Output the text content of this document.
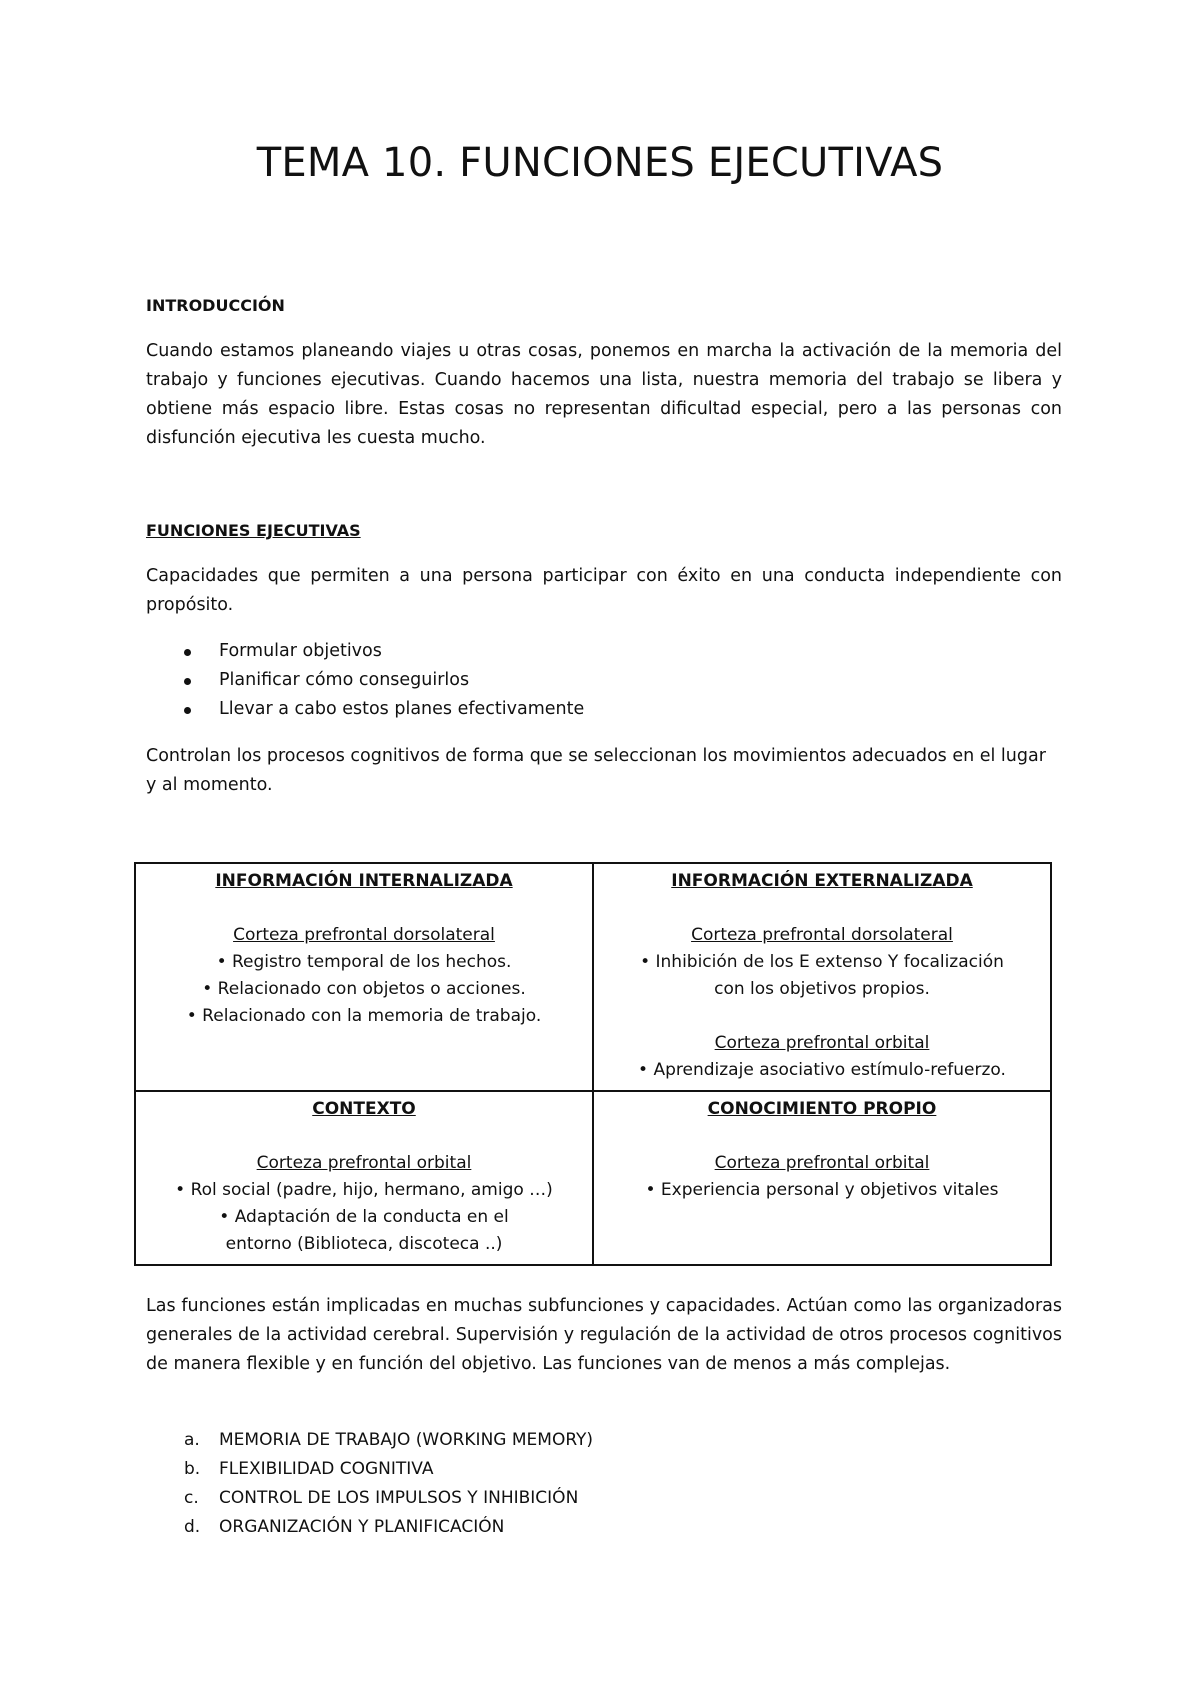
TEMA 10. FUNCIONES EJECUTIVAS
INTRODUCCIÓN

Cuando estamos planeando viajes u otras cosas, ponemos en marcha la activación de la memoria del trabajo y funciones ejecutivas. Cuando hacemos una lista, nuestra memoria del trabajo se libera y obtiene más espacio libre. Estas cosas no representan dificultad especial, pero a las personas con disfunción ejecutiva les cuesta mucho.

FUNCIONES EJECUTIVAS

Capacidades que permiten a una persona participar con éxito en una conducta independiente con propósito.

Formular objetivos
Planificar cómo conseguirlos
Llevar a cabo estos planes efectivamente

Controlan los procesos cognitivos de forma que se seleccionan los movimientos adecuados en el lugar y al momento.

INFORMACIÓN INTERNALIZADA
Corteza prefrontal dorsolateral
• Registro temporal de los hechos.
• Relacionado con objetos o acciones.
• Relacionado con la memoria de trabajo.	INFORMACIÓN EXTERNALIZADA
Corteza prefrontal dorsolateral
• Inhibición de los E extenso Y focalización con los objetivos propios.
Corteza prefrontal orbital
• Aprendizaje asociativo estímulo-refuerzo.

CONTEXTO
Corteza prefrontal orbital
• Rol social (padre, hijo, hermano, amigo …)
• Adaptación de la conducta en el entorno (Biblioteca, discoteca ..)	CONOCIMIENTO PROPIO
Corteza prefrontal orbital
• Experiencia personal y objetivos vitales

Las funciones están implicadas en muchas subfunciones y capacidades. Actúan como las organizadoras generales de la actividad cerebral. Supervisión y regulación de la actividad de otros procesos cognitivos de manera flexible y en función del objetivo. Las funciones van de menos a más complejas.

a. MEMORIA DE TRABAJO (WORKING MEMORY)
b. FLEXIBILIDAD COGNITIVA
c. CONTROL DE LOS IMPULSOS Y INHIBICIÓN
d. ORGANIZACIÓN Y PLANIFICACIÓN
